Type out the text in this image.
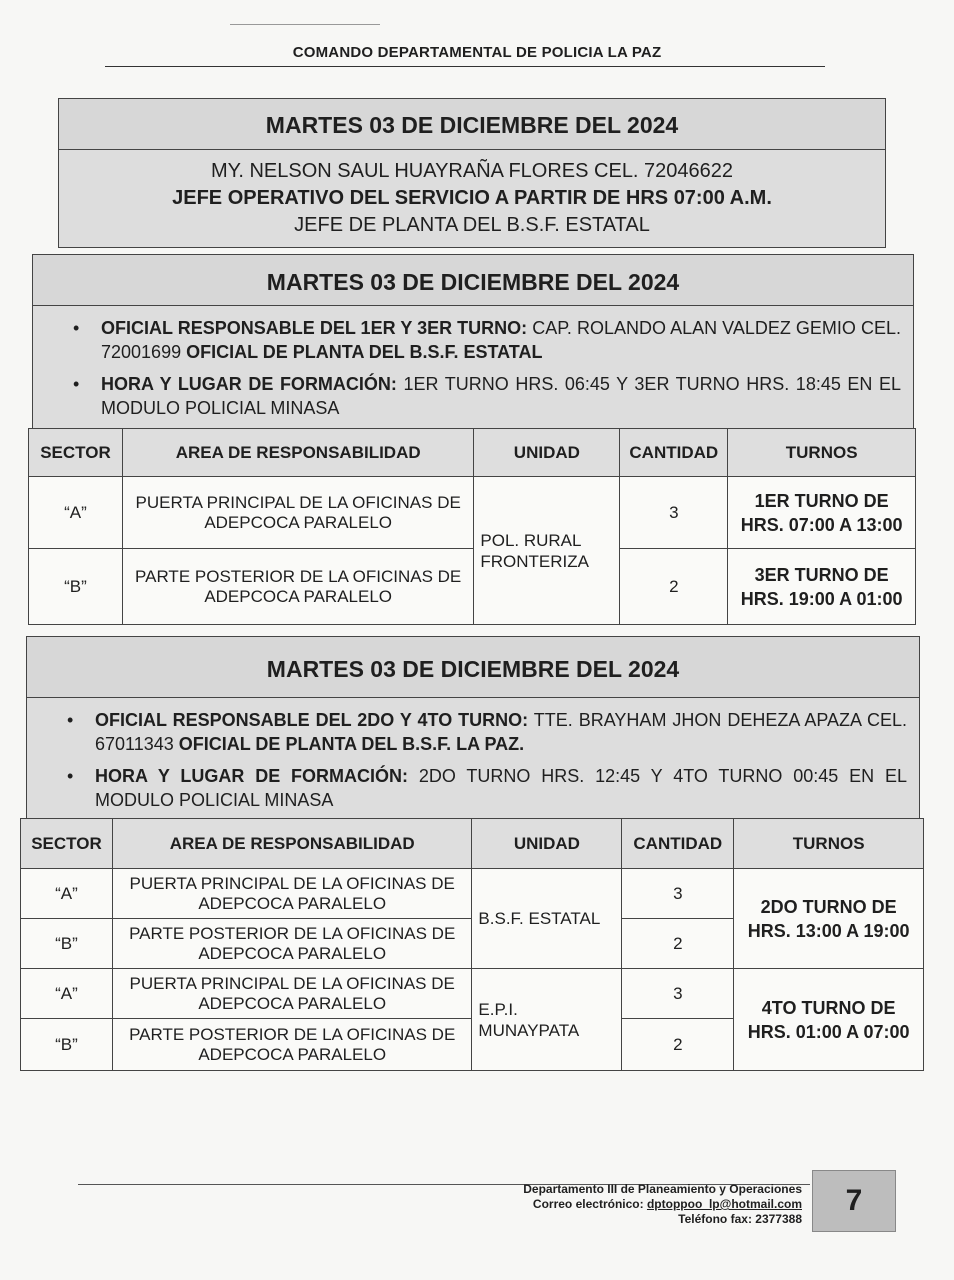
COMANDO DEPARTAMENTAL DE POLICIA LA PAZ
MARTES 03 DE DICIEMBRE DEL 2024
MY. NELSON SAUL HUAYRAÑA FLORES CEL. 72046622
JEFE OPERATIVO DEL SERVICIO A PARTIR DE HRS 07:00 A.M.
JEFE DE PLANTA DEL B.S.F. ESTATAL
MARTES 03 DE DICIEMBRE DEL 2024
• OFICIAL RESPONSABLE DEL 1ER Y 3ER TURNO: CAP. ROLANDO ALAN VALDEZ GEMIO CEL. 72001699 OFICIAL DE PLANTA DEL B.S.F. ESTATAL
• HORA Y LUGAR DE FORMACIÓN: 1ER TURNO HRS. 06:45 Y 3ER TURNO HRS. 18:45 EN EL MODULO POLICIAL MINASA
SECTOR	AREA DE RESPONSABILIDAD	UNIDAD	CANTIDAD	TURNOS
“A”	PUERTA PRINCIPAL DE LA OFICINAS DE ADEPCOCA PARALELO	POL. RURAL FRONTERIZA	3	1ER TURNO DE HRS. 07:00 A 13:00
“B”	PARTE POSTERIOR DE LA OFICINAS DE ADEPCOCA PARALELO		2	3ER TURNO DE HRS. 19:00 A 01:00
MARTES 03 DE DICIEMBRE DEL 2024
• OFICIAL RESPONSABLE DEL 2DO Y 4TO TURNO: TTE. BRAYHAM JHON DEHEZA APAZA CEL. 67011343 OFICIAL DE PLANTA DEL B.S.F. LA PAZ.
• HORA Y LUGAR DE FORMACIÓN: 2DO TURNO HRS. 12:45 Y 4TO TURNO 00:45 EN EL MODULO POLICIAL MINASA
SECTOR	AREA DE RESPONSABILIDAD	UNIDAD	CANTIDAD	TURNOS
“A”	PUERTA PRINCIPAL DE LA OFICINAS DE ADEPCOCA PARALELO	B.S.F. ESTATAL	3	2DO TURNO DE HRS. 13:00 A 19:00
“B”	PARTE POSTERIOR DE LA OFICINAS DE ADEPCOCA PARALELO		2	
“A”	PUERTA PRINCIPAL DE LA OFICINAS DE ADEPCOCA PARALELO	E.P.I. MUNAYPATA	3	4TO TURNO DE HRS. 01:00 A 07:00
“B”	PARTE POSTERIOR DE LA OFICINAS DE ADEPCOCA PARALELO		2	
Departamento III de Planeamiento y Operaciones
Correo electrónico: dptoppoo_lp@hotmail.com
Teléfono fax: 2377388
7
